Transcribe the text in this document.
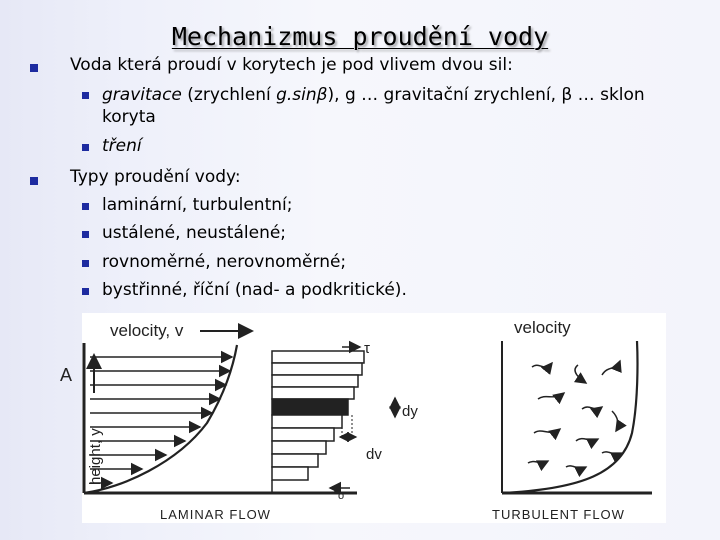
Mechanizmus proudění vody
Voda která proudí v korytech je pod vlivem dvou sil:
gravitace (zrychlení g.sinβ), g … gravitační zrychlení, β … sklon
koryta
tření
Typy proudění vody:
laminární, turbulentní;
ustálené, neustálené;
rovnoměrné, nerovnoměrné;
bystřinné, říční (nad- a podkritické).
velocity, v
A
height, y
τ
dy
dv
$\tau_o$
LAMINAR FLOW
velocity
TURBULENT FLOW
